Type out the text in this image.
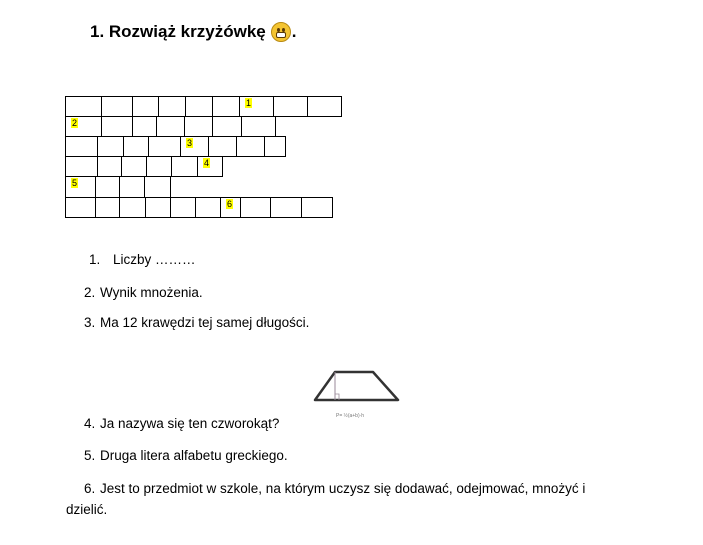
1. Rozwiąż krzyżówkę .
1
2
3
4
5
6
1. Liczby ………
2. Wynik mnożenia.
3. Ma 12 krawędzi tej samej długości.
P= ½(a+b)·h
4. Ja nazywa się ten czworokąt?
5. Druga litera alfabetu greckiego.
6. Jest to przedmiot w szkole, na którym uczysz się dodawać, odejmować, mnożyć i
dzielić.
